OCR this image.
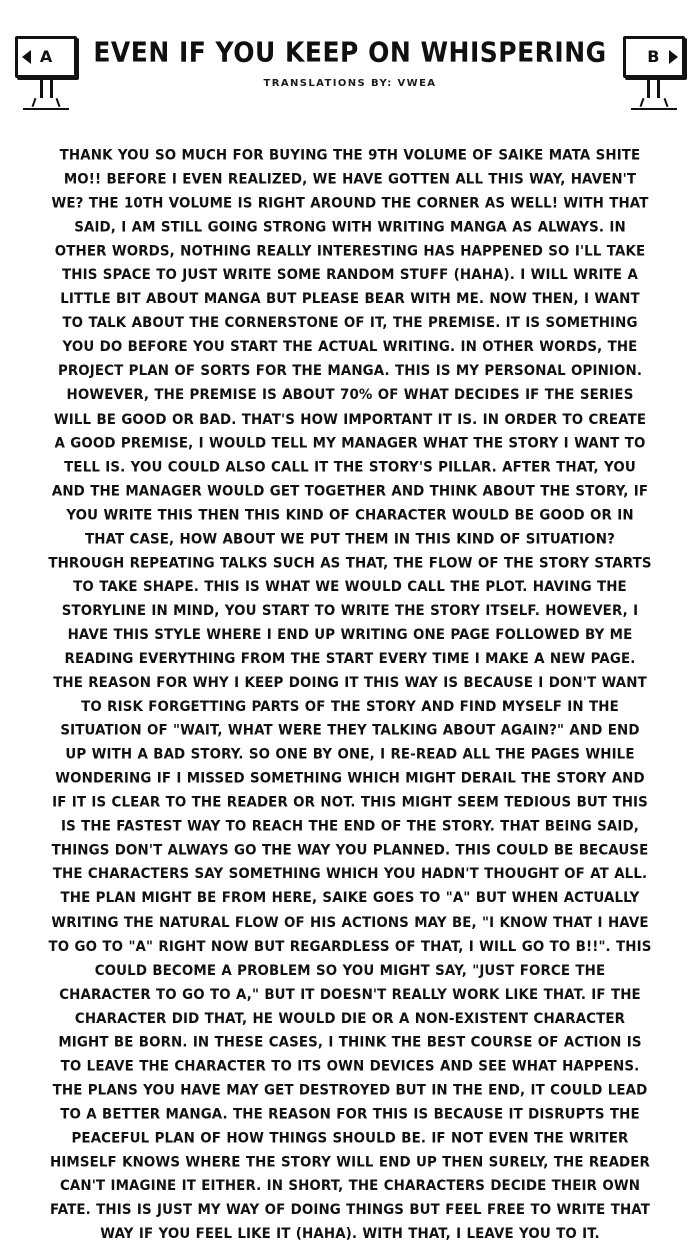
A EVEN IF YOU KEEP ON WHISPERING
TRANSLATIONS BY: VWEA
B

THANK YOU SO MUCH FOR BUYING THE 9TH VOLUME OF SAIKE MATA SHITE MO!! BEFORE I EVEN REALIZED, WE HAVE GOTTEN ALL THIS WAY, HAVEN'T WE? THE 10TH VOLUME IS RIGHT AROUND THE CORNER AS WELL! WITH THAT SAID, I AM STILL GOING STRONG WITH WRITING MANGA AS ALWAYS. IN OTHER WORDS, NOTHING REALLY INTERESTING HAS HAPPENED SO I'LL TAKE THIS SPACE TO JUST WRITE SOME RANDOM STUFF (HAHA). I WILL WRITE A LITTLE BIT ABOUT MANGA BUT PLEASE BEAR WITH ME. NOW THEN, I WANT TO TALK ABOUT THE CORNERSTONE OF IT, THE PREMISE. IT IS SOMETHING YOU DO BEFORE YOU START THE ACTUAL WRITING. IN OTHER WORDS, THE PROJECT PLAN OF SORTS FOR THE MANGA. THIS IS MY PERSONAL OPINION. HOWEVER, THE PREMISE IS ABOUT 70% OF WHAT DECIDES IF THE SERIES WILL BE GOOD OR BAD. THAT'S HOW IMPORTANT IT IS. IN ORDER TO CREATE A GOOD PREMISE, I WOULD TELL MY MANAGER WHAT THE STORY I WANT TO TELL IS. YOU COULD ALSO CALL IT THE STORY'S PILLAR. AFTER THAT, YOU AND THE MANAGER WOULD GET TOGETHER AND THINK ABOUT THE STORY, IF YOU WRITE THIS THEN THIS KIND OF CHARACTER WOULD BE GOOD OR IN THAT CASE, HOW ABOUT WE PUT THEM IN THIS KIND OF SITUATION? THROUGH REPEATING TALKS SUCH AS THAT, THE FLOW OF THE STORY STARTS TO TAKE SHAPE. THIS IS WHAT WE WOULD CALL THE PLOT. HAVING THE STORYLINE IN MIND, YOU START TO WRITE THE STORY ITSELF. HOWEVER, I HAVE THIS STYLE WHERE I END UP WRITING ONE PAGE FOLLOWED BY ME READING EVERYTHING FROM THE START EVERY TIME I MAKE A NEW PAGE. THE REASON FOR WHY I KEEP DOING IT THIS WAY IS BECAUSE I DON'T WANT TO RISK FORGETTING PARTS OF THE STORY AND FIND MYSELF IN THE SITUATION OF "WAIT, WHAT WERE THEY TALKING ABOUT AGAIN?" AND END UP WITH A BAD STORY. SO ONE BY ONE, I RE-READ ALL THE PAGES WHILE WONDERING IF I MISSED SOMETHING WHICH MIGHT DERAIL THE STORY AND IF IT IS CLEAR TO THE READER OR NOT. THIS MIGHT SEEM TEDIOUS BUT THIS IS THE FASTEST WAY TO REACH THE END OF THE STORY. THAT BEING SAID, THINGS DON'T ALWAYS GO THE WAY YOU PLANNED. THIS COULD BE BECAUSE THE CHARACTERS SAY SOMETHING WHICH YOU HADN'T THOUGHT OF AT ALL. THE PLAN MIGHT BE FROM HERE, SAIKE GOES TO "A" BUT WHEN ACTUALLY WRITING THE NATURAL FLOW OF HIS ACTIONS MAY BE, "I KNOW THAT I HAVE TO GO TO "A" RIGHT NOW BUT REGARDLESS OF THAT, I WILL GO TO B!!". THIS COULD BECOME A PROBLEM SO YOU MIGHT SAY, "JUST FORCE THE CHARACTER TO GO TO A," BUT IT DOESN'T REALLY WORK LIKE THAT. IF THE CHARACTER DID THAT, HE WOULD DIE OR A NON-EXISTENT CHARACTER MIGHT BE BORN. IN THESE CASES, I THINK THE BEST COURSE OF ACTION IS TO LEAVE THE CHARACTER TO ITS OWN DEVICES AND SEE WHAT HAPPENS. THE PLANS YOU HAVE MAY GET DESTROYED BUT IN THE END, IT COULD LEAD TO A BETTER MANGA. THE REASON FOR THIS IS BECAUSE IT DISRUPTS THE PEACEFUL PLAN OF HOW THINGS SHOULD BE. IF NOT EVEN THE WRITER HIMSELF KNOWS WHERE THE STORY WILL END UP THEN SURELY, THE READER CAN'T IMAGINE IT EITHER. IN SHORT, THE CHARACTERS DECIDE THEIR OWN FATE. THIS IS JUST MY WAY OF DOING THINGS BUT FEEL FREE TO WRITE THAT WAY IF YOU FEEL LIKE IT (HAHA). WITH THAT, I LEAVE YOU TO IT.
